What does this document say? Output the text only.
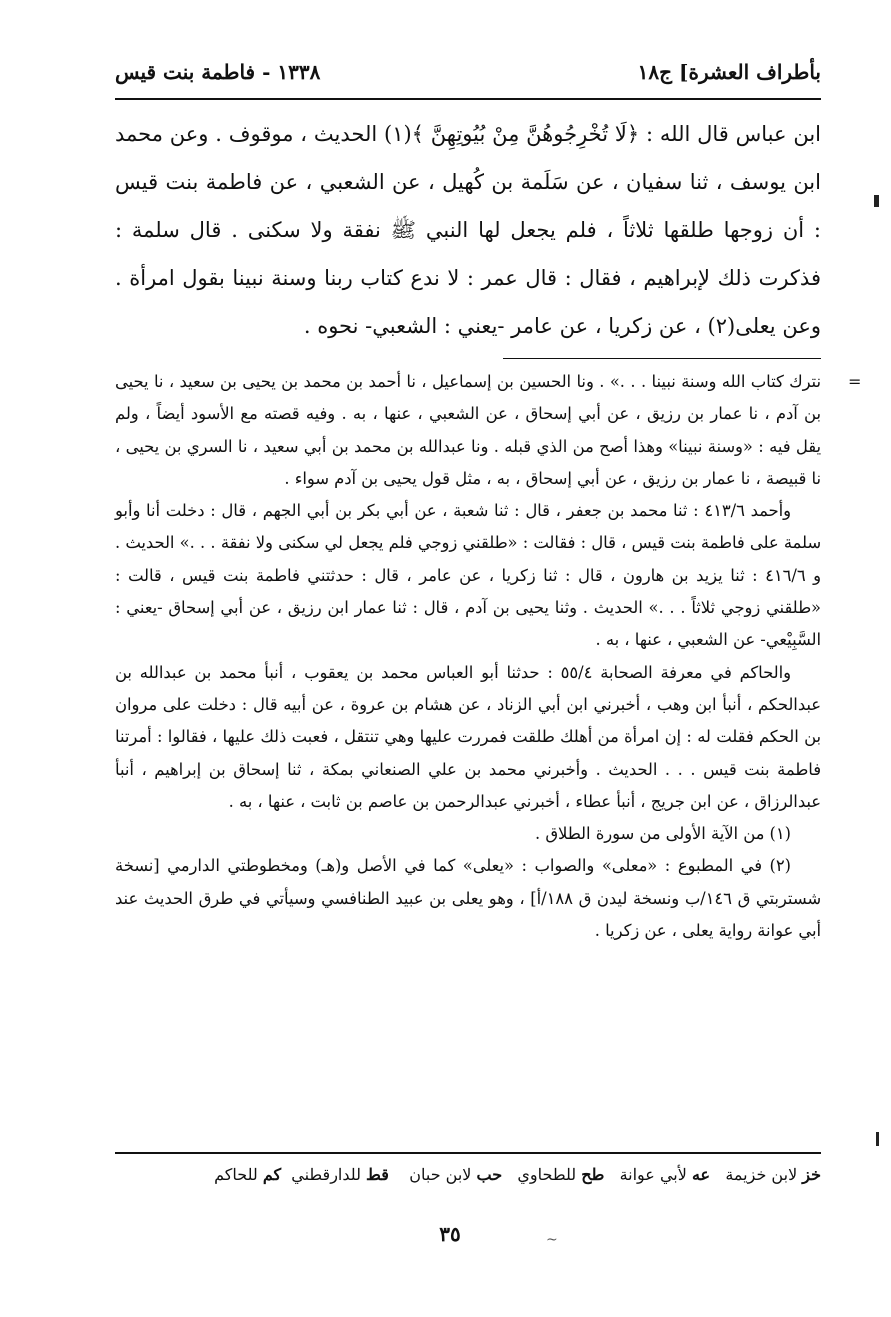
بأطراف العشرة] ج١٨
١٣٣٨ - فاطمة بنت قيس

ابن عباس قال الله : ﴿لَا تُخْرِجُوهُنَّ مِنْ بُيُوتِهِنَّ ﴾(١) الحديث ، موقوف . وعن محمد ابن يوسف ، ثنا سفيان ، عن سَلَمة بن كُهيل ، عن الشعبي ، عن فاطمة بنت قيس : أن زوجها طلقها ثلاثاً ، فلم يجعل لها النبي ﷺ نفقة ولا سكنى . قال سلمة : فذكرت ذلك لإبراهيم ، فقال : قال عمر : لا ندع كتاب ربنا وسنة نبينا بقول امرأة . وعن يعلى(٢) ، عن زكريا ، عن عامر -يعني : الشعبي- نحوه .

=

نترك كتاب الله وسنة نبينا . . .» . ونا الحسين بن إسماعيل ، نا أحمد بن محمد بن يحيى بن سعيد ، نا يحيى بن آدم ، نا عمار بن رزيق ، عن أبي إسحاق ، عن الشعبي ، عنها ، به . وفيه قصته مع الأسود أيضاً ، ولم يقل فيه : «وسنة نبينا» وهذا أصح من الذي قبله . ونا عبدالله بن محمد بن أبي سعيد ، نا السري بن يحيى ، نا قبيصة ، نا عمار بن رزيق ، عن أبي إسحاق ، به ، مثل قول يحيى بن آدم سواء .

وأحمد ٤١٣/٦ : ثنا محمد بن جعفر ، قال : ثنا شعبة ، عن أبي بكر بن أبي الجهم ، قال : دخلت أنا وأبو سلمة على فاطمة بنت قيس ، قال : فقالت : «طلقني زوجي فلم يجعل لي سكنى ولا نفقة . . .» الحديث . و ٤١٦/٦ : ثنا يزيد بن هارون ، قال : ثنا زكريا ، عن عامر ، قال : حدثتني فاطمة بنت قيس ، قالت : «طلقني زوجي ثلاثاً . . .» الحديث . وثنا يحيى بن آدم ، قال : ثنا عمار ابن رزيق ، عن أبي إسحاق -يعني : السَّبِيْعي- عن الشعبي ، عنها ، به .

والحاكم في معرفة الصحابة ٥٥/٤ : حدثنا أبو العباس محمد بن يعقوب ، أنبأ محمد بن عبدالله بن عبدالحكم ، أنبأ ابن وهب ، أخبرني ابن أبي الزناد ، عن هشام بن عروة ، عن أبيه قال : دخلت على مروان بن الحكم فقلت له : إن امرأة من أهلك طلقت فمررت عليها وهي تنتقل ، فعبت ذلك عليها ، فقالوا : أمرتنا فاطمة بنت قيس . . . الحديث . وأخبرني محمد بن علي الصنعاني بمكة ، ثنا إسحاق بن إبراهيم ، أنبأ عبدالرزاق ، عن ابن جريج ، أنبأ عطاء ، أخبرني عبدالرحمن بن عاصم بن ثابت ، عنها ، به .

(١) من الآية الأولى من سورة الطلاق .

(٢) في المطبوع : «معلى» والصواب : «يعلى» كما في الأصل و(هـ) ومخطوطتي الدارمي [نسخة شستربتي ق ١٤٦/ب ونسخة ليدن ق ١٨٨/أ] ، وهو يعلى بن عبيد الطنافسي وسيأتي في طرق الحديث عند أبي عوانة رواية يعلى ، عن زكريا .

خز لابن خزيمة   عه لأبي عوانة   طح للطحاوي   حب لابن حبان    قط للدارقطني  كم للحاكم
٣٥	~
